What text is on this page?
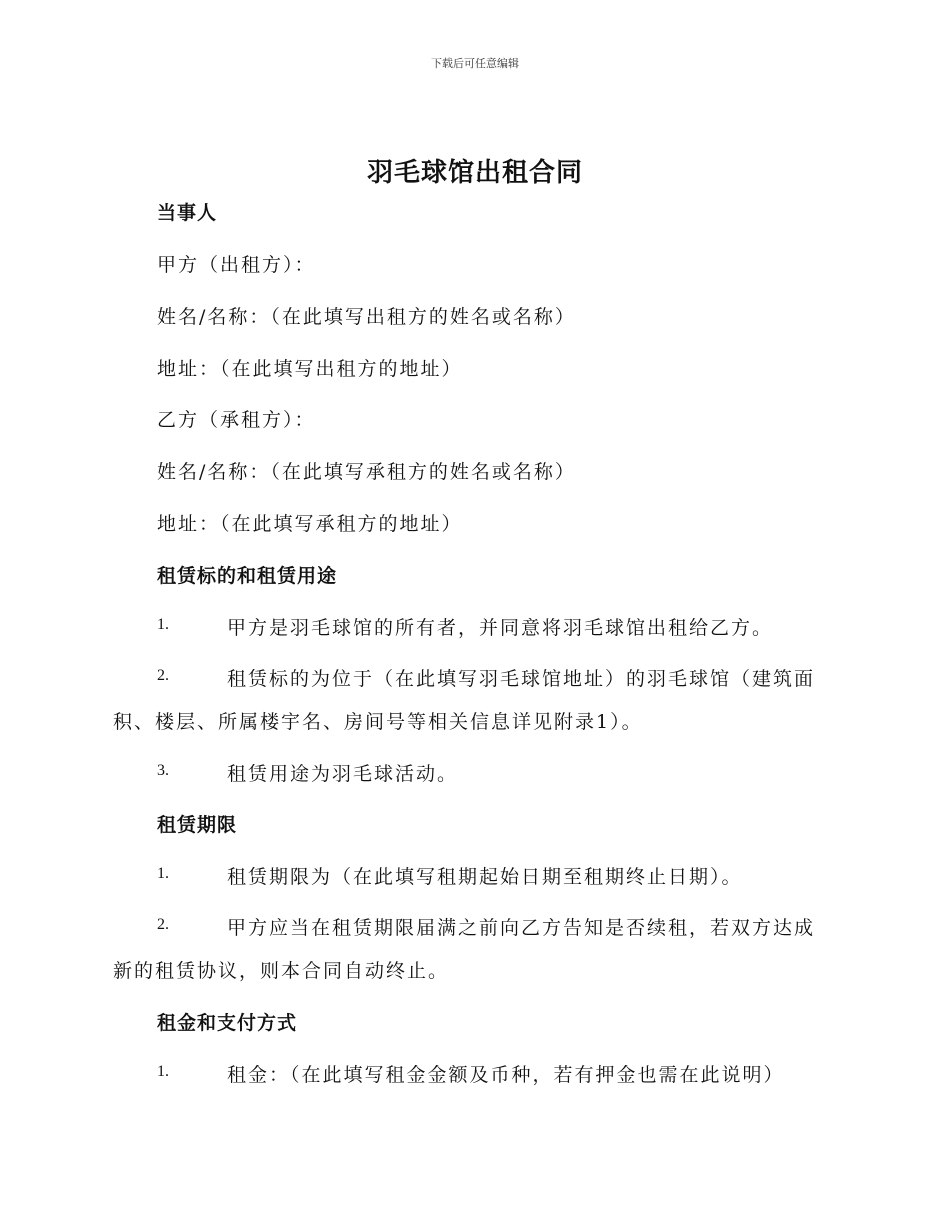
下载后可任意编辑
羽毛球馆出租合同
当事人
甲方（出租方）：
姓名/名称：（在此填写出租方的姓名或名称）
地址：（在此填写出租方的地址）
乙方（承租方）：
姓名/名称：（在此填写承租方的姓名或名称）
地址：（在此填写承租方的地址）
租赁标的和租赁用途
1.	甲方是羽毛球馆的所有者，并同意将羽毛球馆出租给乙方。
2.	租赁标的为位于（在此填写羽毛球馆地址）的羽毛球馆（建筑面
积、楼层、所属楼宇名、房间号等相关信息详见附录1）。
3.	租赁用途为羽毛球活动。
租赁期限
1.	租赁期限为（在此填写租期起始日期至租期终止日期）。
2.	甲方应当在租赁期限届满之前向乙方告知是否续租，若双方达成
新的租赁协议，则本合同自动终止。
租金和支付方式
1.	租金：（在此填写租金金额及币种，若有押金也需在此说明）
